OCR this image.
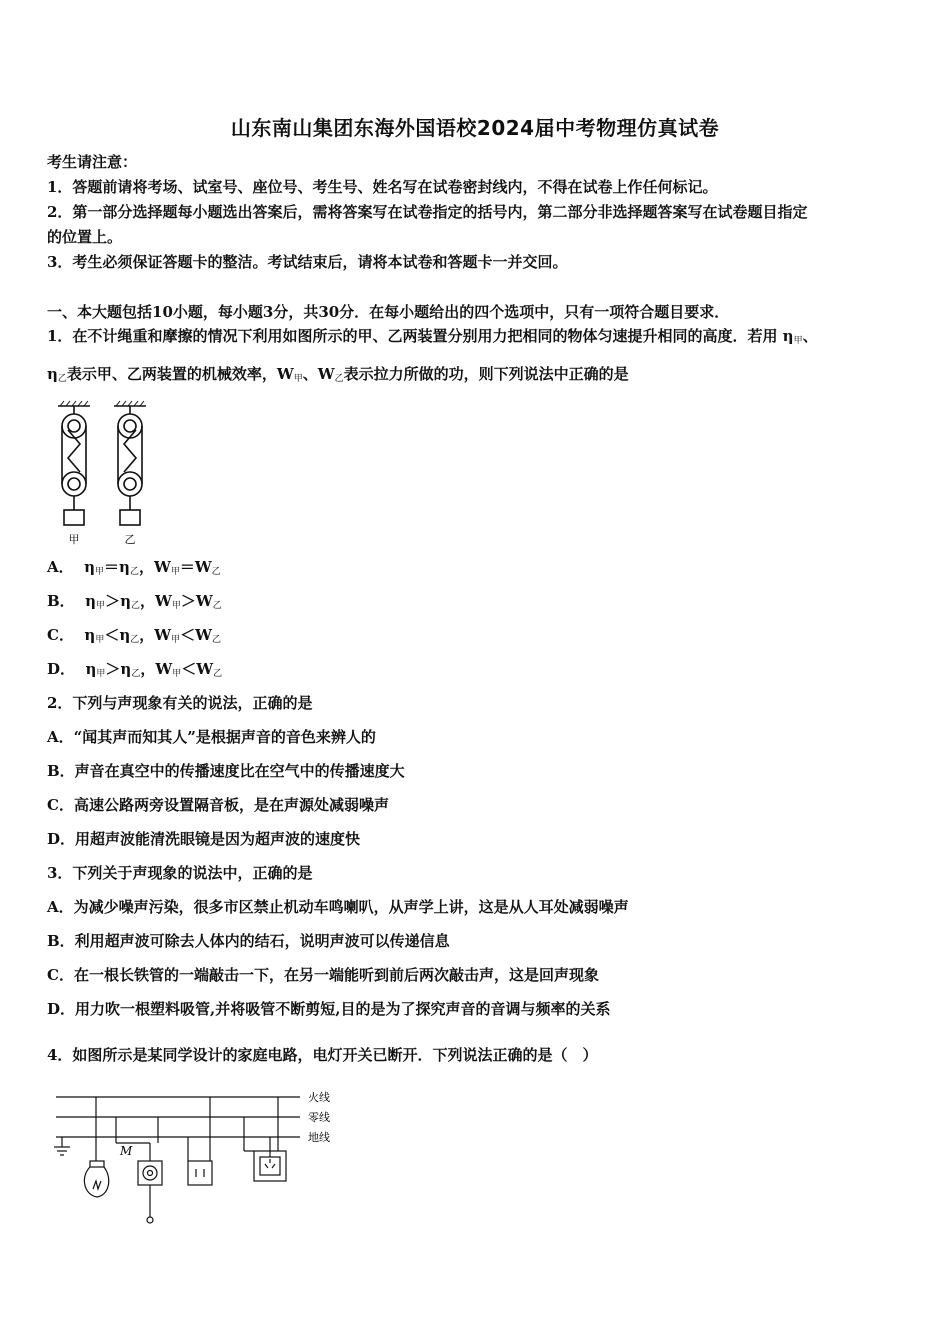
山东南山集团东海外国语校2024届中考物理仿真试卷
考生请注意：
1．答题前请将考场、试室号、座位号、考生号、姓名写在试卷密封线内，不得在试卷上作任何标记。
2．第一部分选择题每小题选出答案后，需将答案写在试卷指定的括号内，第二部分非选择题答案写在试卷题目指定
的位置上。
3．考生必须保证答题卡的整洁。考试结束后，请将本试卷和答题卡一并交回。
一、本大题包括10小题，每小题3分，共30分．在每小题给出的四个选项中，只有一项符合题目要求．
1．在不计绳重和摩擦的情况下利用如图所示的甲、乙两装置分别用力把相同的物体匀速提升相同的高度．若用 η甲、
η乙表示甲、乙两装置的机械效率，W甲、W乙表示拉力所做的功，则下列说法中正确的是
甲	乙
A． η甲＝η乙，W甲＝W乙
B． η甲＞η乙，W甲＞W乙
C． η甲＜η乙，W甲＜W乙
D． η甲＞η乙，W甲＜W乙
2．下列与声现象有关的说法，正确的是
A．“闻其声而知其人”是根据声音的音色来辨人的
B．声音在真空中的传播速度比在空气中的传播速度大
C．高速公路两旁设置隔音板，是在声源处减弱噪声
D．用超声波能清洗眼镜是因为超声波的速度快
3．下列关于声现象的说法中，正确的是
A．为减少噪声污染，很多市区禁止机动车鸣喇叭，从声学上讲，这是从人耳处减弱噪声
B．利用超声波可除去人体内的结石，说明声波可以传递信息
C．在一根长铁管的一端敲击一下，在另一端能听到前后两次敲击声，这是回声现象
D．用力吹一根塑料吸管,并将吸管不断剪短,目的是为了探究声音的音调与频率的关系
4．如图所示是某同学设计的家庭电路，电灯开关已断开．下列说法正确的是（　）
M
火线
零线
地线
